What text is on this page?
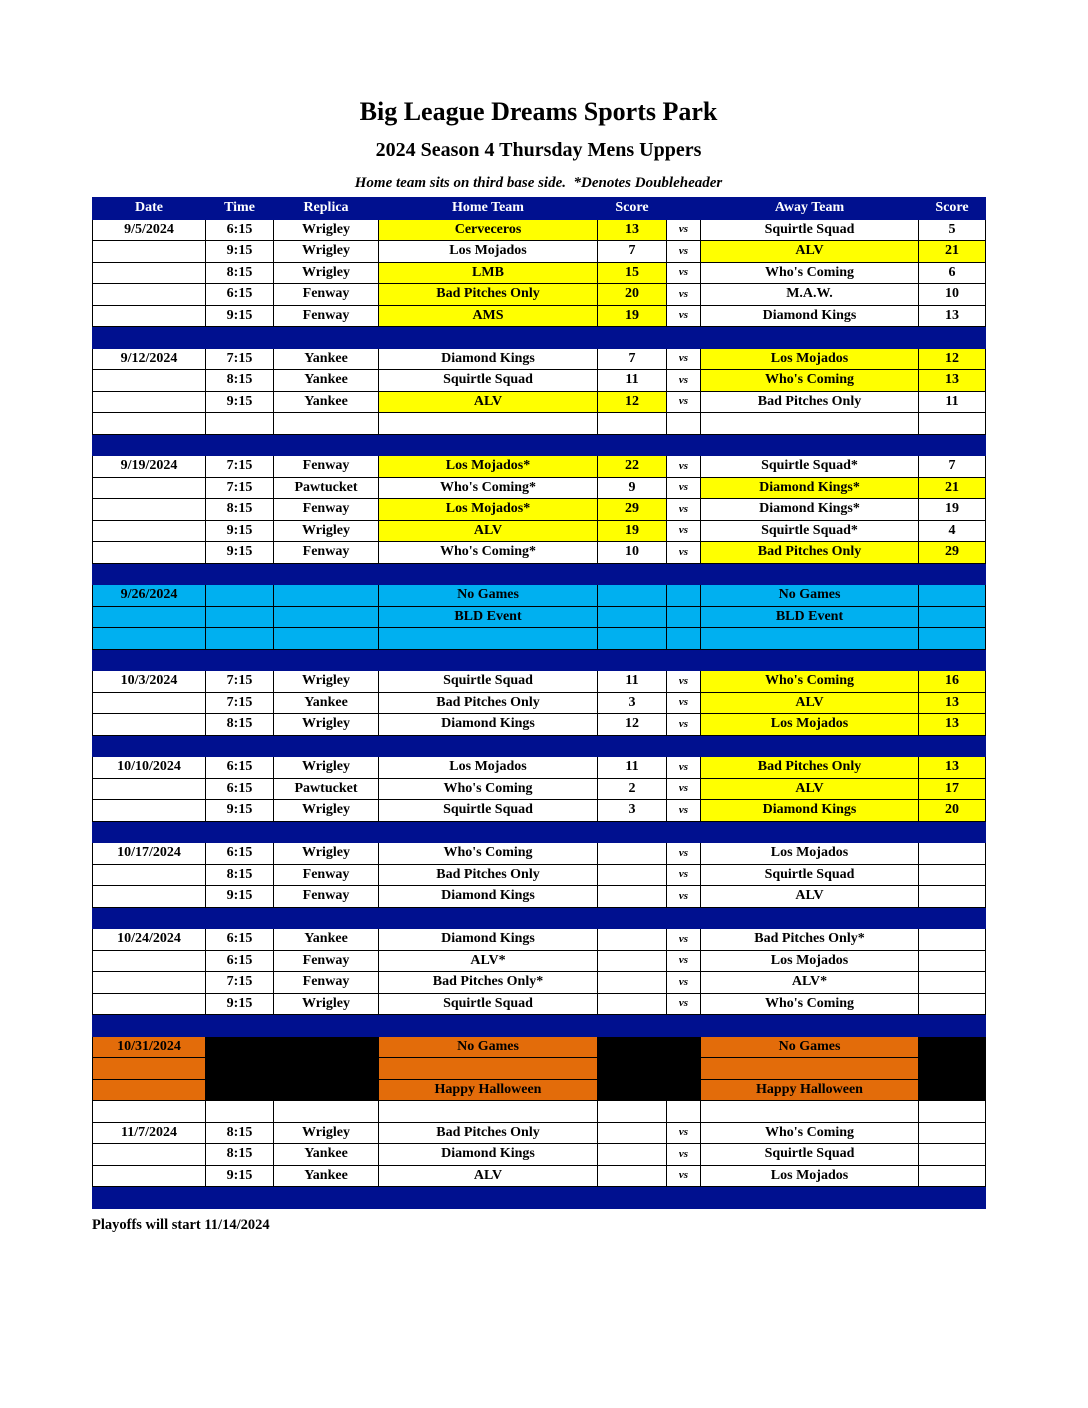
Big League Dreams Sports Park
2024 Season 4 Thursday Mens Uppers
Home team sits on third base side.  *Denotes Doubleheader
Date	Time	Replica	Home Team	Score		Away Team	Score
9/5/2024	6:15	Wrigley	Cerveceros	13	vs	Squirtle Squad	5
	9:15	Wrigley	Los Mojados	7	vs	ALV	21
	8:15	Wrigley	LMB	15	vs	Who's Coming	6
	6:15	Fenway	Bad Pitches Only	20	vs	M.A.W.	10
	9:15	Fenway	AMS	19	vs	Diamond Kings	13

9/12/2024	7:15	Yankee	Diamond Kings	7	vs	Los Mojados	12
	8:15	Yankee	Squirtle Squad	11	vs	Who's Coming	13
	9:15	Yankee	ALV	12	vs	Bad Pitches Only	11

9/19/2024	7:15	Fenway	Los Mojados*	22	vs	Squirtle Squad*	7
	7:15	Pawtucket	Who's Coming*	9	vs	Diamond Kings*	21
	8:15	Fenway	Los Mojados*	29	vs	Diamond Kings*	19
	9:15	Wrigley	ALV	19	vs	Squirtle Squad*	4
	9:15	Fenway	Who's Coming*	10	vs	Bad Pitches Only	29

9/26/2024			No Games			No Games	
			BLD Event			BLD Event	

10/3/2024	7:15	Wrigley	Squirtle Squad	11	vs	Who's Coming	16
	7:15	Yankee	Bad Pitches Only	3	vs	ALV	13
	8:15	Wrigley	Diamond Kings	12	vs	Los Mojados	13

10/10/2024	6:15	Wrigley	Los Mojados	11	vs	Bad Pitches Only	13
	6:15	Pawtucket	Who's Coming	2	vs	ALV	17
	9:15	Wrigley	Squirtle Squad	3	vs	Diamond Kings	20

10/17/2024	6:15	Wrigley	Who's Coming		vs	Los Mojados	
	8:15	Fenway	Bad Pitches Only		vs	Squirtle Squad	
	9:15	Fenway	Diamond Kings		vs	ALV	

10/24/2024	6:15	Yankee	Diamond Kings		vs	Bad Pitches Only*	
	6:15	Fenway	ALV*		vs	Los Mojados	
	7:15	Fenway	Bad Pitches Only*		vs	ALV*	
	9:15	Wrigley	Squirtle Squad		vs	Who's Coming	

10/31/2024			No Games			No Games	

			Happy Halloween			Happy Halloween	

11/7/2024	8:15	Wrigley	Bad Pitches Only		vs	Who's Coming	
	8:15	Yankee	Diamond Kings		vs	Squirtle Squad	
	9:15	Yankee	ALV		vs	Los Mojados	

Playoffs will start 11/14/2024
